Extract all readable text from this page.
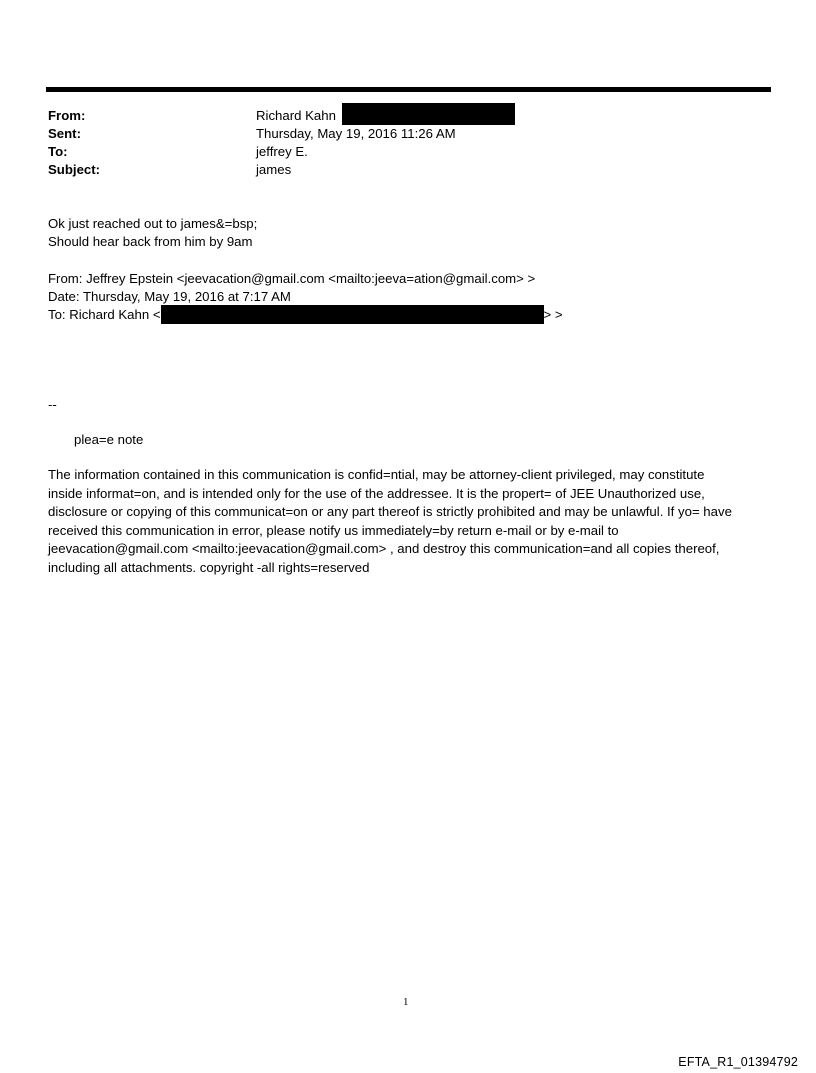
From:	Richard Kahn
Sent:	Thursday, May 19, 2016 11:26 AM
To:	jeffrey E.
Subject:	james
Ok just reached out to james&=bsp;
Should hear back from him by 9am
From: Jeffrey Epstein <jeevacation@gmail.com <mailto:jeeva=ation@gmail.com> >
Date: Thursday, May 19, 2016 at 7:17 AM
To: Richard Kahn <	> >
--
plea=e note
The information contained in this communication is confid=ntial, may be attorney-client privileged, may constitute
inside informat=on, and is intended only for the use of the addressee. It is the propert= of JEE Unauthorized use,
disclosure or copying of this communicat=on or any part thereof is strictly prohibited and may be unlawful. If yo= have
received this communication in error, please notify us immediately=by return e-mail or by e-mail to
jeevacation@gmail.com <mailto:jeevacation@gmail.com> , and destroy this communication=and all copies thereof,
including all attachments. copyright -all rights=reserved
1
EFTA_R1_01394792
